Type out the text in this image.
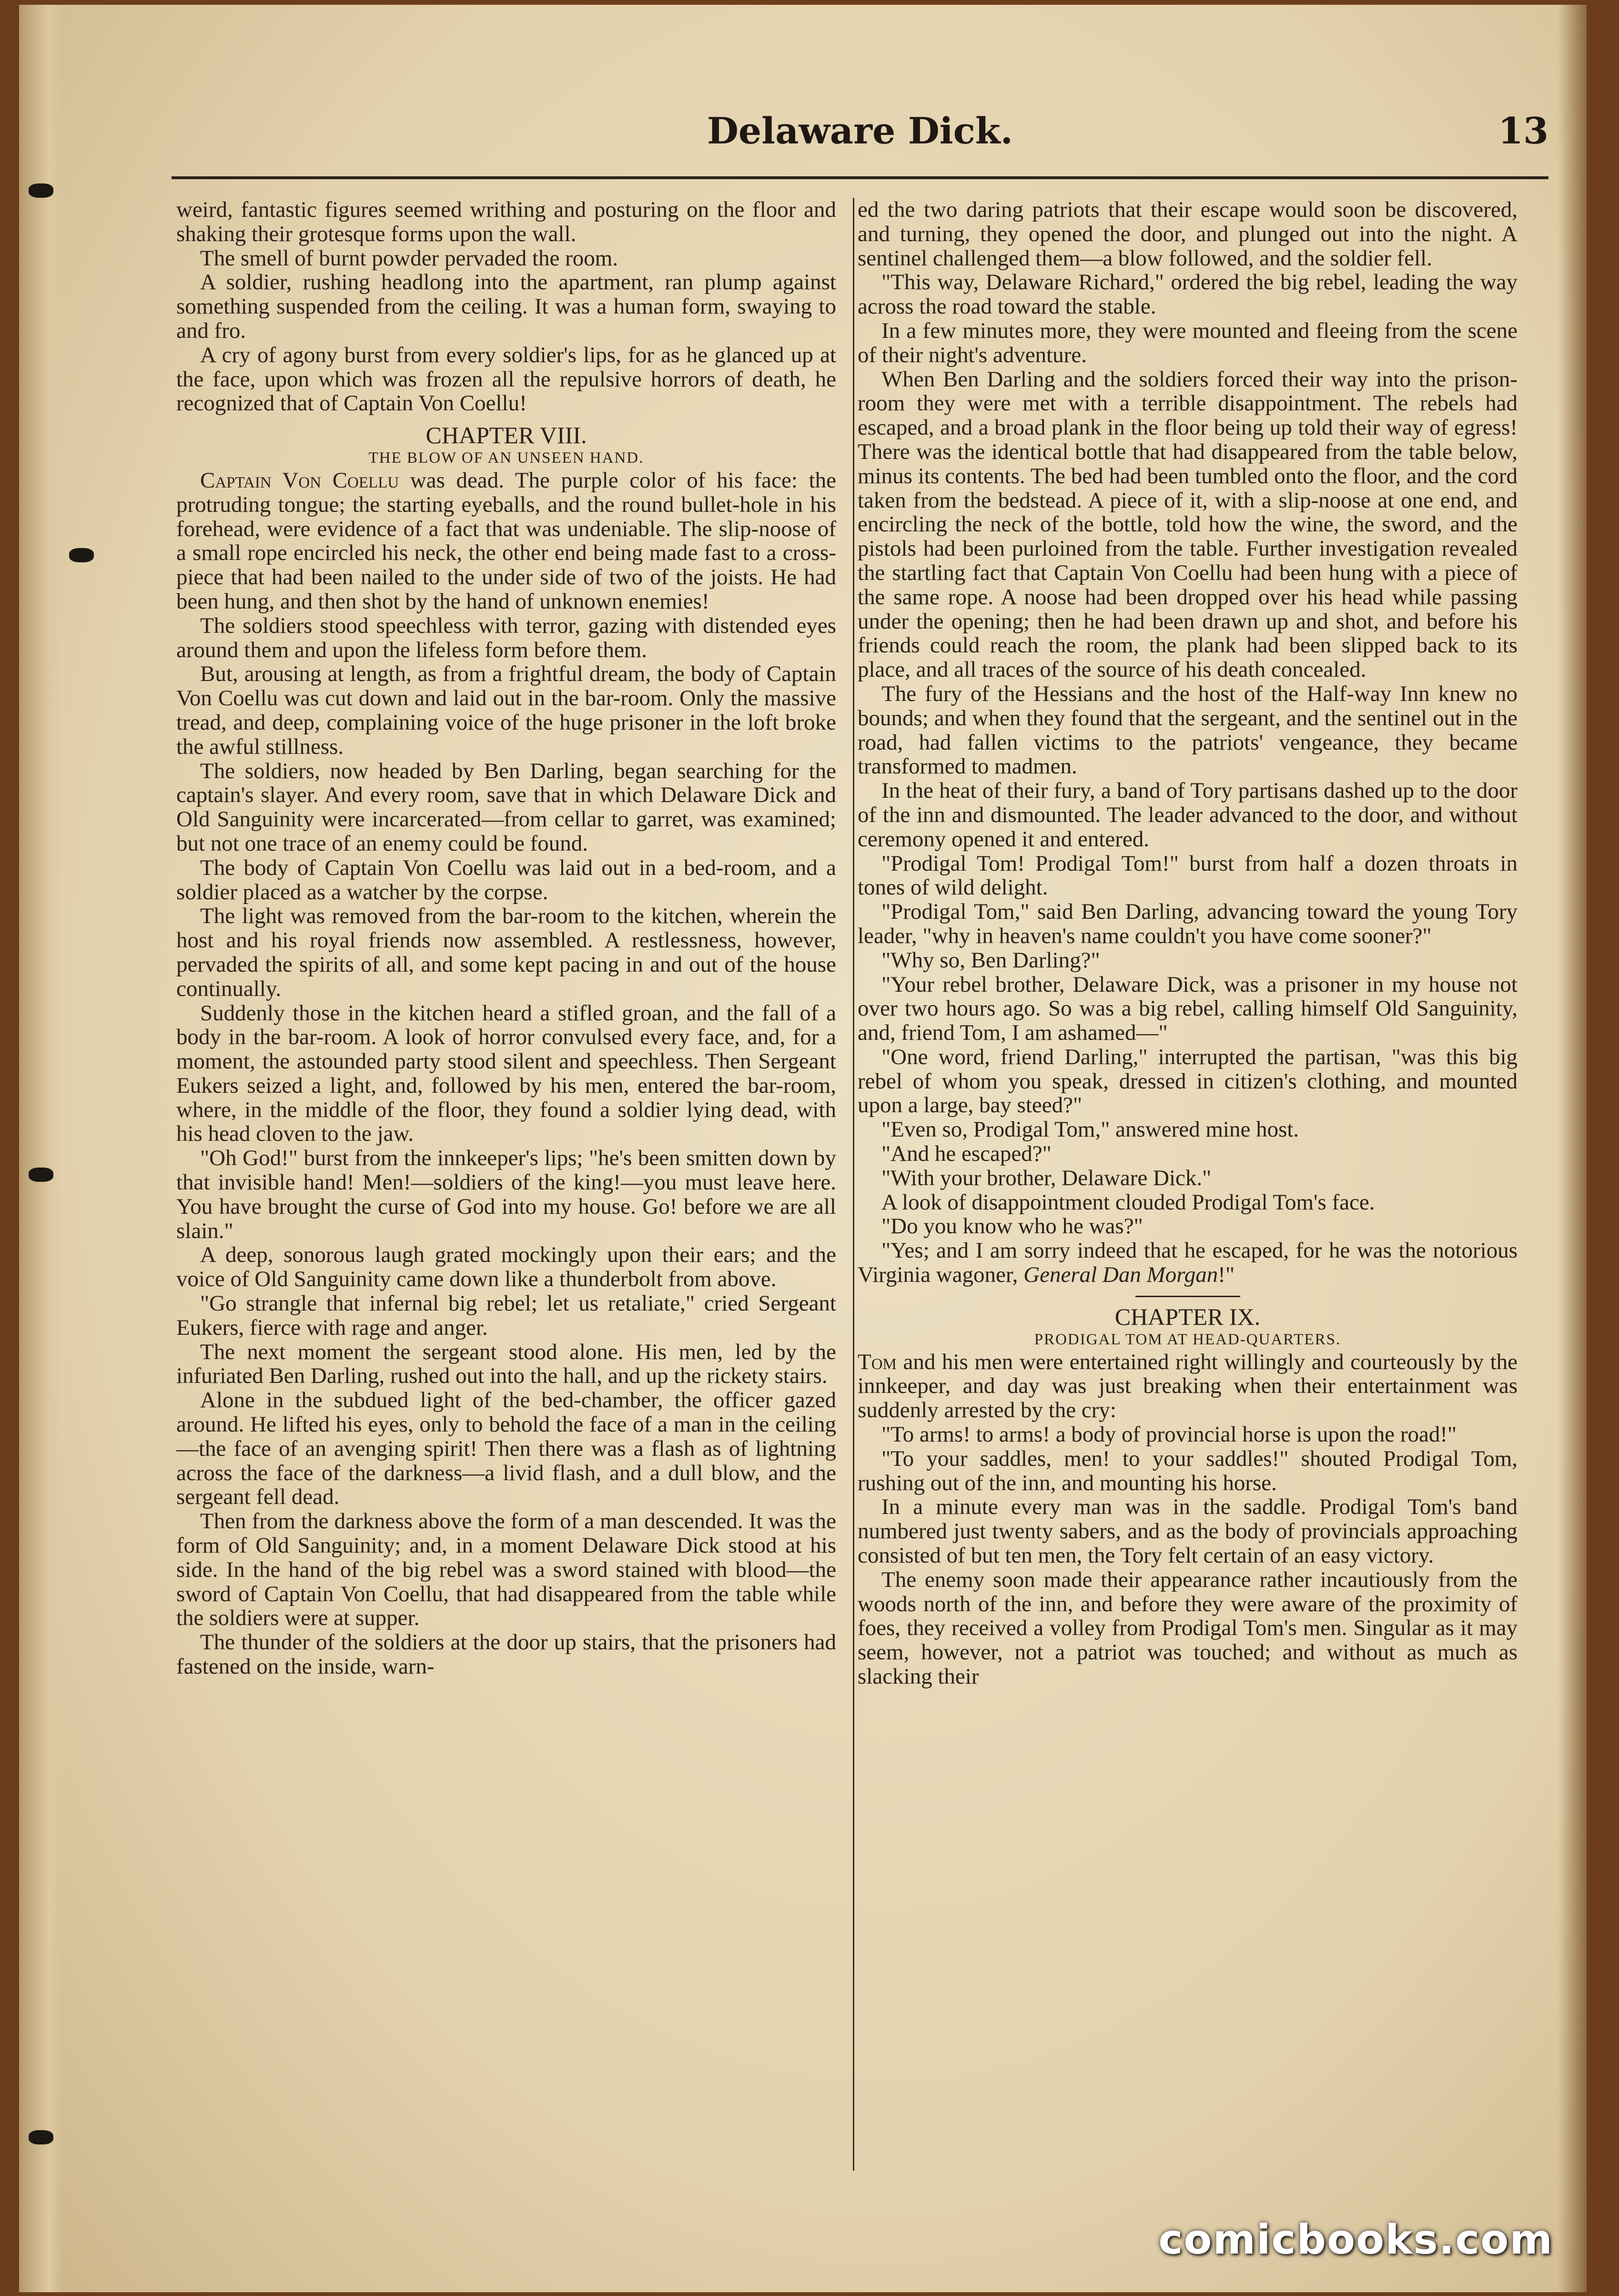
Delaware Dick.	13

weird, fantastic figures seemed writhing and posturing on the floor and shaking their grotesque forms upon the wall.

The smell of burnt powder pervaded the room.

A soldier, rushing headlong into the apartment, ran plump against something suspended from the ceiling. It was a human form, swaying to and fro.

A cry of agony burst from every soldier's lips, for as he glanced up at the face, upon which was frozen all the repulsive horrors of death, he recognized that of Captain Von Coellu!

CHAPTER VIII.

THE BLOW OF AN UNSEEN HAND.

Captain Von Coellu was dead. The purple color of his face: the protruding tongue; the starting eyeballs, and the round bullet-hole in his forehead, were evidence of a fact that was undeniable. The slip-noose of a small rope encircled his neck, the other end being made fast to a cross-piece that had been nailed to the under side of two of the joists. He had been hung, and then shot by the hand of unknown enemies!

The soldiers stood speechless with terror, gazing with distended eyes around them and upon the lifeless form before them.

But, arousing at length, as from a frightful dream, the body of Captain Von Coellu was cut down and laid out in the bar-room. Only the massive tread, and deep, complaining voice of the huge prisoner in the loft broke the awful stillness.

The soldiers, now headed by Ben Darling, began searching for the captain's slayer. And every room, save that in which Delaware Dick and Old Sanguinity were incarcerated—from cellar to garret, was examined; but not one trace of an enemy could be found.

The body of Captain Von Coellu was laid out in a bed-room, and a soldier placed as a watcher by the corpse.

The light was removed from the bar-room to the kitchen, wherein the host and his royal friends now assembled. A restlessness, however, pervaded the spirits of all, and some kept pacing in and out of the house continually.

Suddenly those in the kitchen heard a stifled groan, and the fall of a body in the bar-room. A look of horror convulsed every face, and, for a moment, the astounded party stood silent and speechless. Then Sergeant Eukers seized a light, and, followed by his men, entered the bar-room, where, in the middle of the floor, they found a soldier lying dead, with his head cloven to the jaw.

"Oh God!" burst from the innkeeper's lips; "he's been smitten down by that invisible hand! Men!—soldiers of the king!—you must leave here. You have brought the curse of God into my house. Go! before we are all slain."

A deep, sonorous laugh grated mockingly upon their ears; and the voice of Old Sanguinity came down like a thunderbolt from above.

"Go strangle that infernal big rebel; let us retaliate," cried Sergeant Eukers, fierce with rage and anger.

The next moment the sergeant stood alone. His men, led by the infuriated Ben Darling, rushed out into the hall, and up the rickety stairs.

Alone in the subdued light of the bed-chamber, the officer gazed around. He lifted his eyes, only to behold the face of a man in the ceiling—the face of an avenging spirit! Then there was a flash as of lightning across the face of the darkness—a livid flash, and a dull blow, and the sergeant fell dead.

Then from the darkness above the form of a man descended. It was the form of Old Sanguinity; and, in a moment Delaware Dick stood at his side. In the hand of the big rebel was a sword stained with blood—the sword of Captain Von Coellu, that had disappeared from the table while the soldiers were at supper.

The thunder of the soldiers at the door up stairs, that the prisoners had fastened on the inside, warn-

ed the two daring patriots that their escape would soon be discovered, and turning, they opened the door, and plunged out into the night. A sentinel challenged them—a blow followed, and the soldier fell.

"This way, Delaware Richard," ordered the big rebel, leading the way across the road toward the stable.

In a few minutes more, they were mounted and fleeing from the scene of their night's adventure.

When Ben Darling and the soldiers forced their way into the prison-room they were met with a terrible disappointment. The rebels had escaped, and a broad plank in the floor being up told their way of egress! There was the identical bottle that had disappeared from the table below, minus its contents. The bed had been tumbled onto the floor, and the cord taken from the bedstead. A piece of it, with a slip-noose at one end, and encircling the neck of the bottle, told how the wine, the sword, and the pistols had been purloined from the table. Further investigation revealed the startling fact that Captain Von Coellu had been hung with a piece of the same rope. A noose had been dropped over his head while passing under the opening; then he had been drawn up and shot, and before his friends could reach the room, the plank had been slipped back to its place, and all traces of the source of his death concealed.

The fury of the Hessians and the host of the Half-way Inn knew no bounds; and when they found that the sergeant, and the sentinel out in the road, had fallen victims to the patriots' vengeance, they became transformed to madmen.

In the heat of their fury, a band of Tory partisans dashed up to the door of the inn and dismounted. The leader advanced to the door, and without ceremony opened it and entered.

"Prodigal Tom! Prodigal Tom!" burst from half a dozen throats in tones of wild delight.

"Prodigal Tom," said Ben Darling, advancing toward the young Tory leader, "why in heaven's name couldn't you have come sooner?"

"Why so, Ben Darling?"

"Your rebel brother, Delaware Dick, was a prisoner in my house not over two hours ago. So was a big rebel, calling himself Old Sanguinity, and, friend Tom, I am ashamed—"

"One word, friend Darling," interrupted the partisan, "was this big rebel of whom you speak, dressed in citizen's clothing, and mounted upon a large, bay steed?"

"Even so, Prodigal Tom," answered mine host.

"And he escaped?"

"With your brother, Delaware Dick."

A look of disappointment clouded Prodigal Tom's face.

"Do you know who he was?"

"Yes; and I am sorry indeed that he escaped, for he was the notorious Virginia wagoner, General Dan Morgan!"

CHAPTER IX.

PRODIGAL TOM AT HEAD-QUARTERS.

Tom and his men were entertained right willingly and courteously by the innkeeper, and day was just breaking when their entertainment was suddenly arrested by the cry:

"To arms! to arms! a body of provincial horse is upon the road!"

"To your saddles, men! to your saddles!" shouted Prodigal Tom, rushing out of the inn, and mounting his horse.

In a minute every man was in the saddle. Prodigal Tom's band numbered just twenty sabers, and as the body of provincials approaching consisted of but ten men, the Tory felt certain of an easy victory.

The enemy soon made their appearance rather incautiously from the woods north of the inn, and before they were aware of the proximity of foes, they received a volley from Prodigal Tom's men. Singular as it may seem, however, not a patriot was touched; and without as much as slacking their

comicbooks.com
